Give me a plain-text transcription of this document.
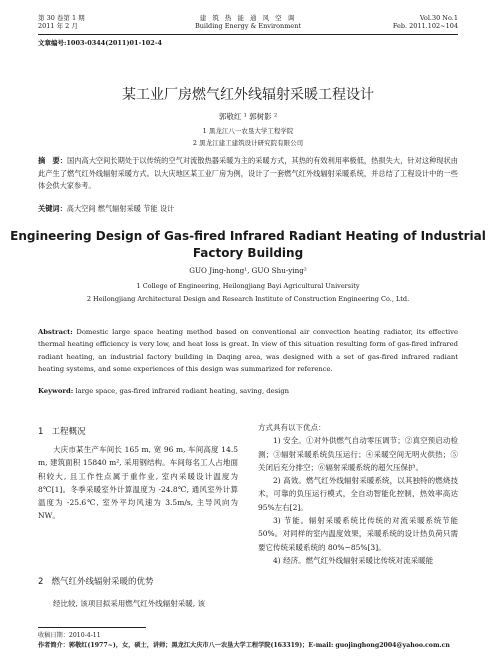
第 30 卷第 1 期
2011 年 2 月
建 筑 热 能 通 风 空 调
Building Energy & Environment
Vol.30 No.1
Feb. 2011.102~104
文章编号:1003-0344(2011)01-102-4
某工业厂房燃气红外线辐射采暖工程设计
郭敬红 ¹ 郭树影 ²
1 黑龙江八一农垦大学工程学院
2 黑龙江建工建筑设计研究院有限公司
摘　要：国内高大空间长期处于以传统的空气对流散热器采暖为主的采暖方式，其热的有效利用率极低，热损失大，针对这种现状由此产生了燃气红外线辐射采暖方式。以大庆地区某工业厂房为例，设计了一套燃气红外线辐射采暖系统，并总结了工程设计中的一些体会供大家参考。
关键词：高大空间 燃气辐射采暖 节能 设计
Engineering Design of Gas-fired Infrared Radiant Heating of Industrial
Factory Building
GUO Jing-hong¹, GUO Shu-ying²
1 College of Engineering, Heilongjiang Bayi Agricultural University
2 Heilongjiang Architectural Design and Research Institute of Construction Engineering Co., Ltd.
Abstract: Domestic large space heating method based on conventional air convection heating radiator, its effective thermal heating efficiency is very low, and heat loss is great. In view of this situation resulting form of gas-fired infrared radiant heating, an industrial factory building in Daqing area, was designed with a set of gas-fired infrared radiant heating systems, and some experiences of this design was summarized for reference.
Keyword: large space, gas-fired infrared radiant heating, saving, design
1 工程概况

大庆市某生产车间长 165 m, 宽 96 m, 车间高度 14.5 m, 建筑面积 15840 m², 采用钢结构。车间每名工人占地面积较大, 且工作性点属于重作业, 室内采暖设计温度为 8℃[1]。冬季采暖室外计算温度为 -24.8℃, 通风室外计算温度为 -25.6℃, 室外平均风速为 3.5m/s, 主导风向为 NW。

2 燃气红外线辐射采暖的优势

经比较, 该项目拟采用燃气红外线辐射采暖, 该

方式具有以下优点：

1) 安全。①对外供燃气自动零压调节；②真空预启动检测；③辐射采暖系统负压运行；④采暖空间无明火供热；⑤关闭后充分排空；⑥辐射采暖系统的超欠压保护。

2) 高效。燃气红外线辐射采暖系统，以其独特的燃烧技术，可靠的负压运行模式，全自动智能化控制，热效率高达 95%左右[2]。

3) 节能。辐射采暖系统比传统的对流采暖系统节能 50%。对同样的室内温度效果，采暖系统的设计热负荷只需要它传统采暖系统的 80%~85%[3]。

4) 经济。燃气红外线辐射采暖比传统对流采暖能

收稿日期：2010-4-11
作者简介：郭敬红(1977~)，女，硕士，讲师；黑龙江大庆市八一农垦大学工程学院(163319)；E-mail: guojinghong2004@yahoo.com.cn
